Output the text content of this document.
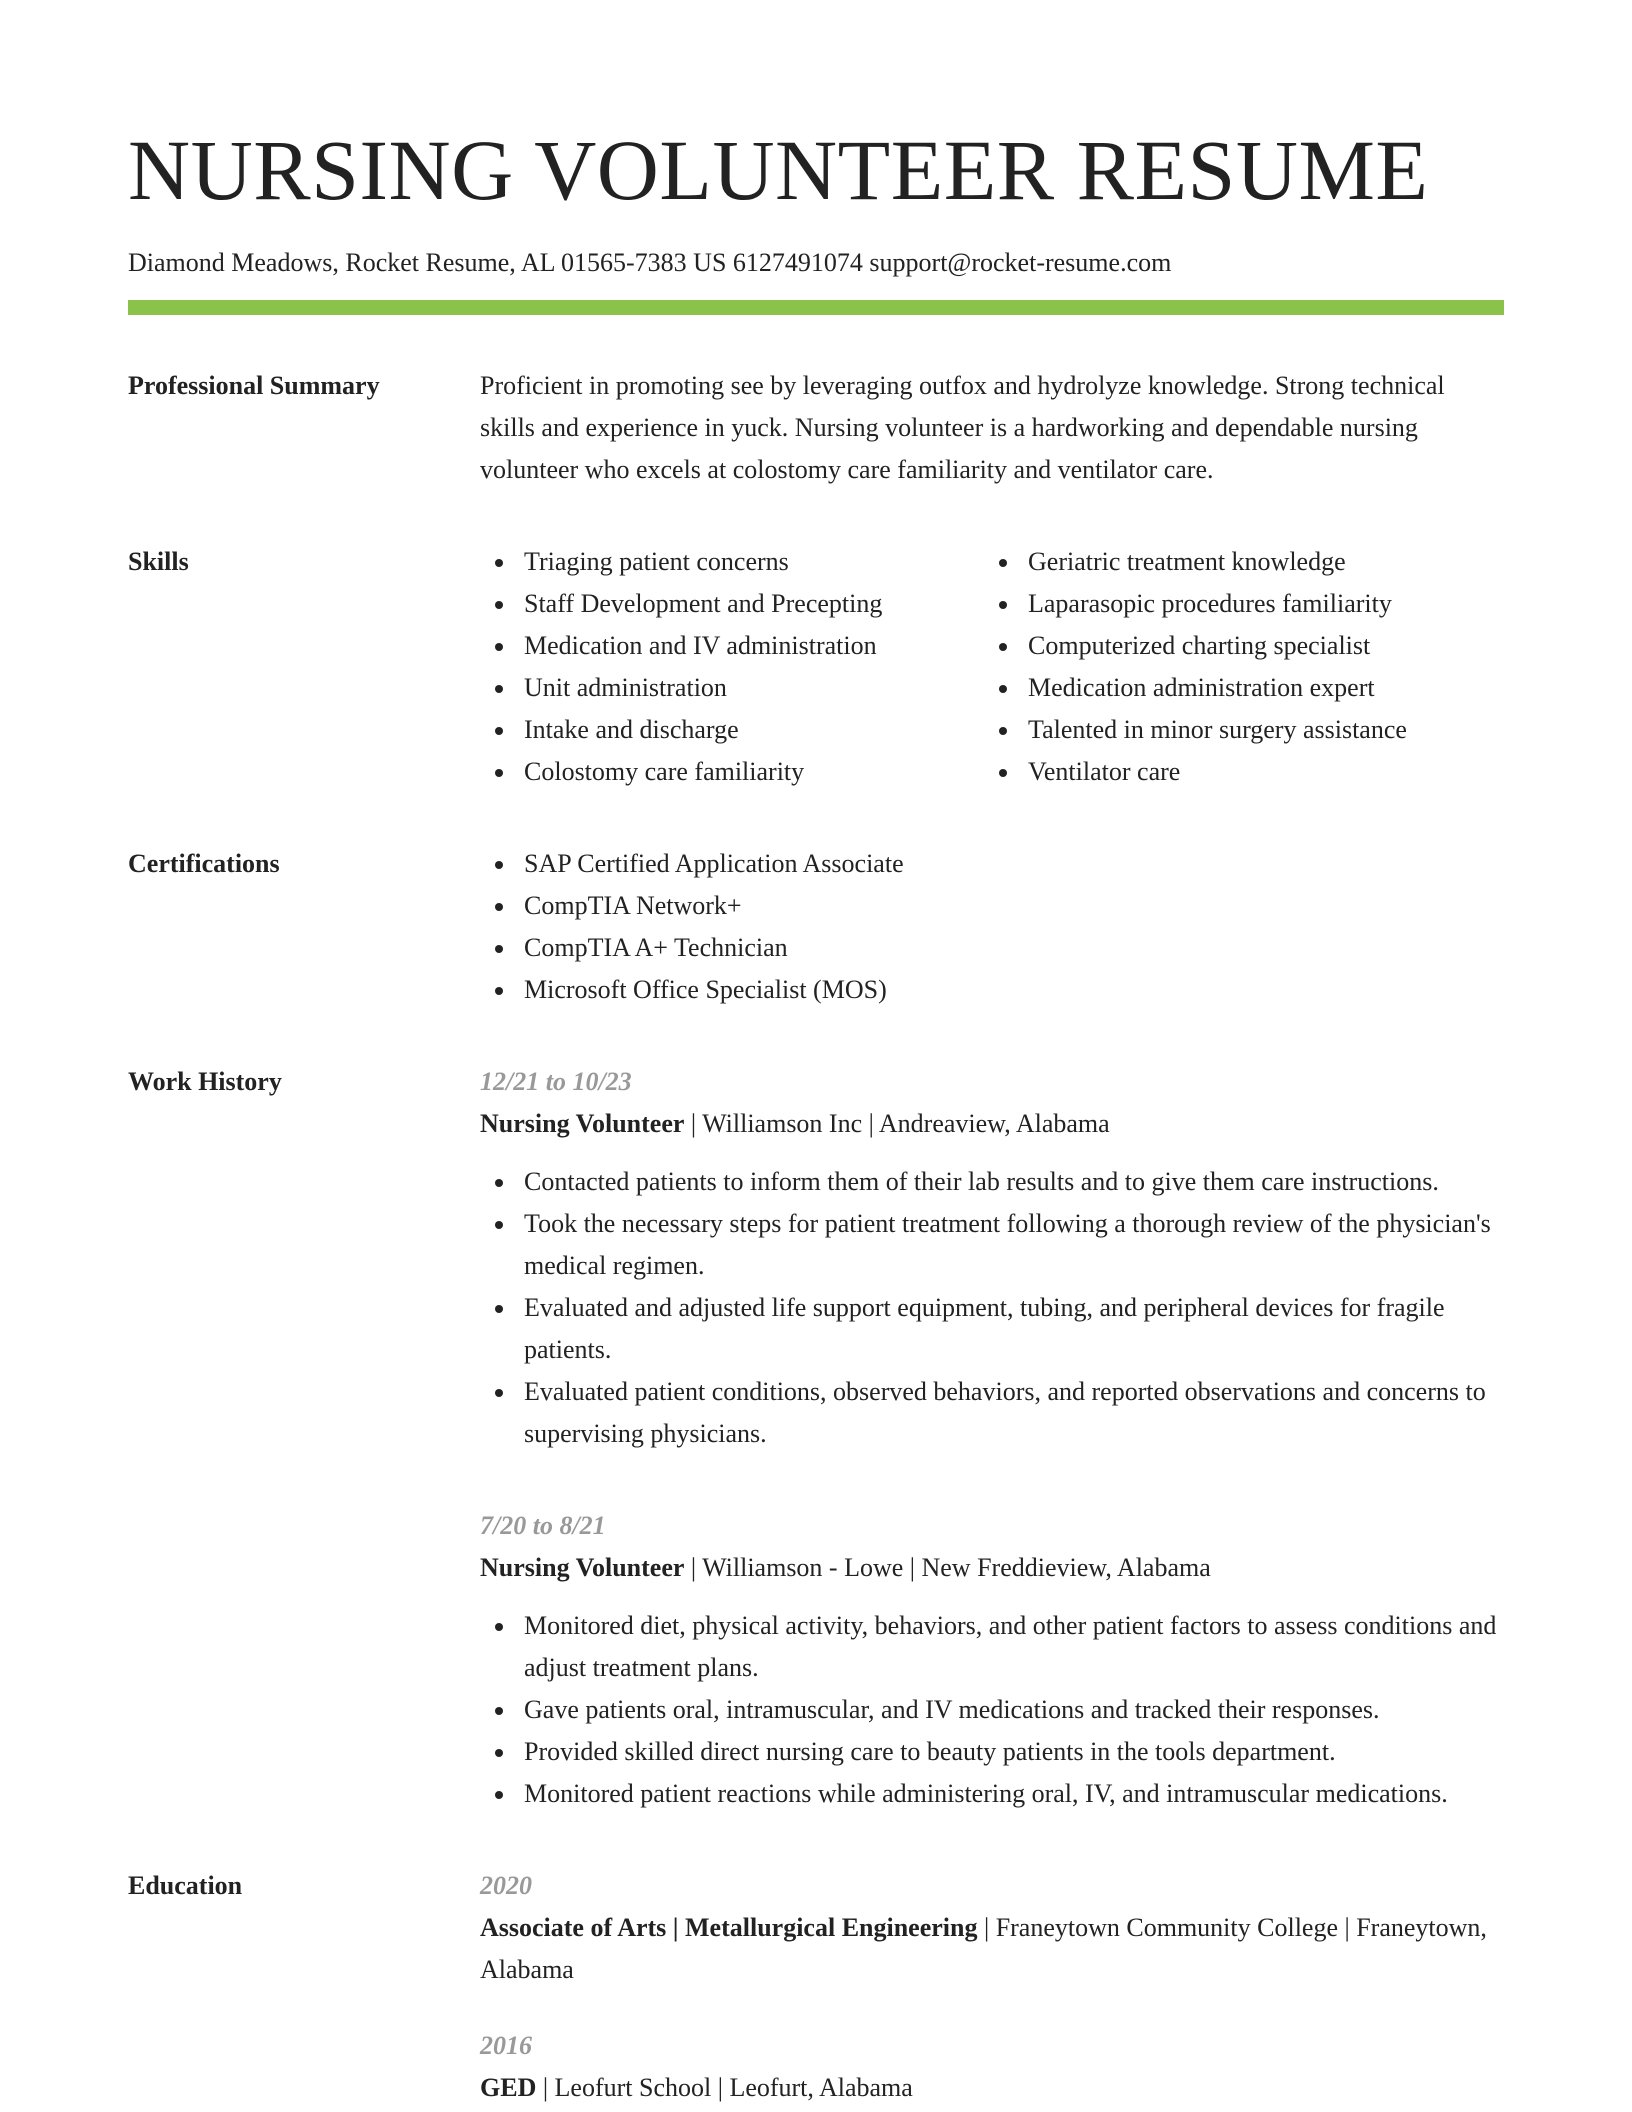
NURSING VOLUNTEER RESUME
Diamond Meadows, Rocket Resume, AL 01565-7383 US 6127491074 support@rocket-resume.com
Professional Summary	Proficient in promoting see by leveraging outfox and hydrolyze knowledge. Strong technical skills and experience in yuck. Nursing volunteer is a hardworking and dependable nursing volunteer who excels at colostomy care familiarity and ventilator care.
Skills	Triaging patient concerns
Staff Development and Precepting
Medication and IV administration
Unit administration
Intake and discharge
Colostomy care familiarity
Geriatric treatment knowledge
Laparasopic procedures familiarity
Computerized charting specialist
Medication administration expert
Talented in minor surgery assistance
Ventilator care
Certifications	SAP Certified Application Associate
CompTIA Network+
CompTIA A+ Technician
Microsoft Office Specialist (MOS)
Work History	12/21 to 10/23
Nursing Volunteer | Williamson Inc | Andreaview, Alabama
Contacted patients to inform them of their lab results and to give them care instructions.
Took the necessary steps for patient treatment following a thorough review of the physician's medical regimen.
Evaluated and adjusted life support equipment, tubing, and peripheral devices for fragile patients.
Evaluated patient conditions, observed behaviors, and reported observations and concerns to supervising physicians.
7/20 to 8/21
Nursing Volunteer | Williamson - Lowe | New Freddieview, Alabama
Monitored diet, physical activity, behaviors, and other patient factors to assess conditions and adjust treatment plans.
Gave patients oral, intramuscular, and IV medications and tracked their responses.
Provided skilled direct nursing care to beauty patients in the tools department.
Monitored patient reactions while administering oral, IV, and intramuscular medications.
Education	2020
Associate of Arts | Metallurgical Engineering | Franeytown Community College | Franeytown, Alabama
2016
GED | Leofurt School | Leofurt, Alabama
